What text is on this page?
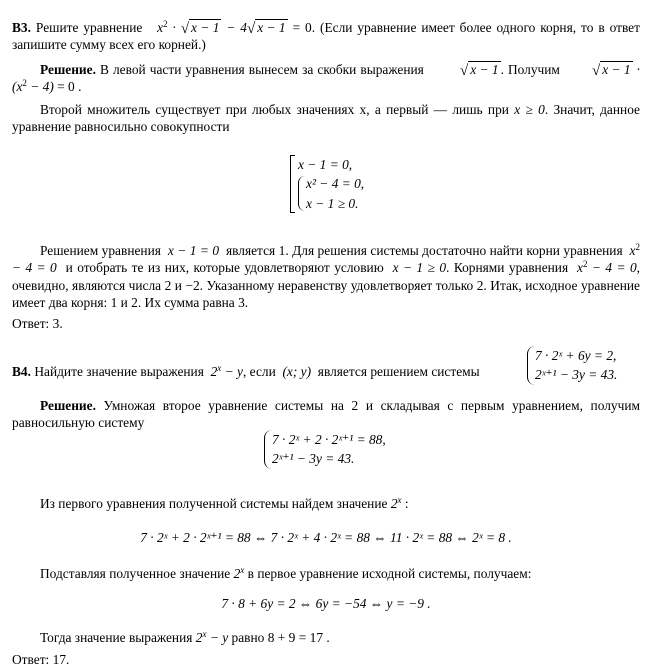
В3. Решите уравнение $x^2$ · √ x − 1 − 4√ x − 1 = 0. (Если уравнение имеет более одного корня, то в ответ запишите сумму всех его корней.)

Решение. В левой части уравнения вынесем за скобки выражения √ x − 1 . Получим √ $x - 1 \cdot (x^2 - 4) = 0$ .

Второй множитель существует при любых значениях x, а первый — лишь при x ≥ 0. Значит, данное уравнение равносильно совокупности

x − 1 = 0,
x² − 4 = 0,
x − 1 ≥ 0.

Решением уравнения x − 1 = 0 является 1. Для решения системы достаточно найти корни уравнения $x^2 - 4 = 0$ и отобрать те из них, которые удовлетворяют условию x − 1 ≥ 0. Корнями уравнения $x^2 - 4 = 0$, очевидно, являются числа 2 и −2. Указанному неравенству удовлетворяет только 2. Итак, исходное уравнение имеет два корня: 1 и 2. Их сумма равна 3.

Ответ: 3.

В4. Найдите значение выражения $2^x - y$, если (x; y) является решением системы
7 · 2ˣ + 6y = 2,
2ˣ⁺¹ − 3y = 43.

Решение. Умножая второе уравнение системы на 2 и складывая с первым уравнением, получим равносильную систему

7 · 2ˣ + 2 · 2ˣ⁺¹ = 88,
2ˣ⁺¹ − 3y = 43.

Из первого уравнения полученной системы найдем значение 2$^x$ :

7 · 2ˣ + 2 · 2ˣ⁺¹ = 88 ⇔ 7 · 2ˣ + 4 · 2ˣ = 88 ⇔ 11 · 2ˣ = 88 ⇔ 2ˣ = 8 .

Подставляя полученное значение 2$^x$ в первое уравнение исходной системы, получаем:

7 · 8 + 6y = 2 ⇔ 6y = −54 ⇔ y = −9 .

Тогда значение выражения $2^x - y$ равно 8 + 9 = 17 .

Ответ: 17.
